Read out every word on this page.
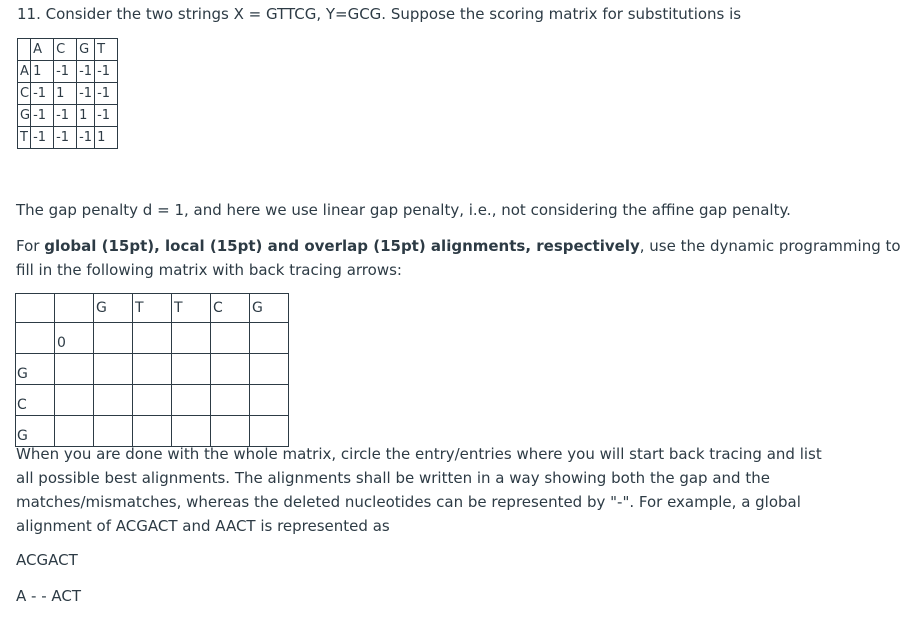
11. Consider the two strings X = GTTCG, Y=GCG. Suppose the scoring matrix for substitutions is
	A	C	G	T
A	1	-1	-1	-1
C	-1	1	-1	-1
G	-1	-1	1	-1
T	-1	-1	-1	1
The gap penalty d = 1, and here we use linear gap penalty, i.e., not considering the affine gap penalty.
For global (15pt), local (15pt) and overlap (15pt) alignments, respectively, use the dynamic programming to
fill in the following matrix with back tracing arrows:
		G	T	T	C	G
	0					
G						
C						
G						
When you are done with the whole matrix, circle the entry/entries where you will start back tracing and list
all possible best alignments. The alignments shall be written in a way showing both the gap and the
matches/mismatches, whereas the deleted nucleotides can be represented by "-". For example, a global
alignment of ACGACT and AACT is represented as
ACGACT
A - - ACT
